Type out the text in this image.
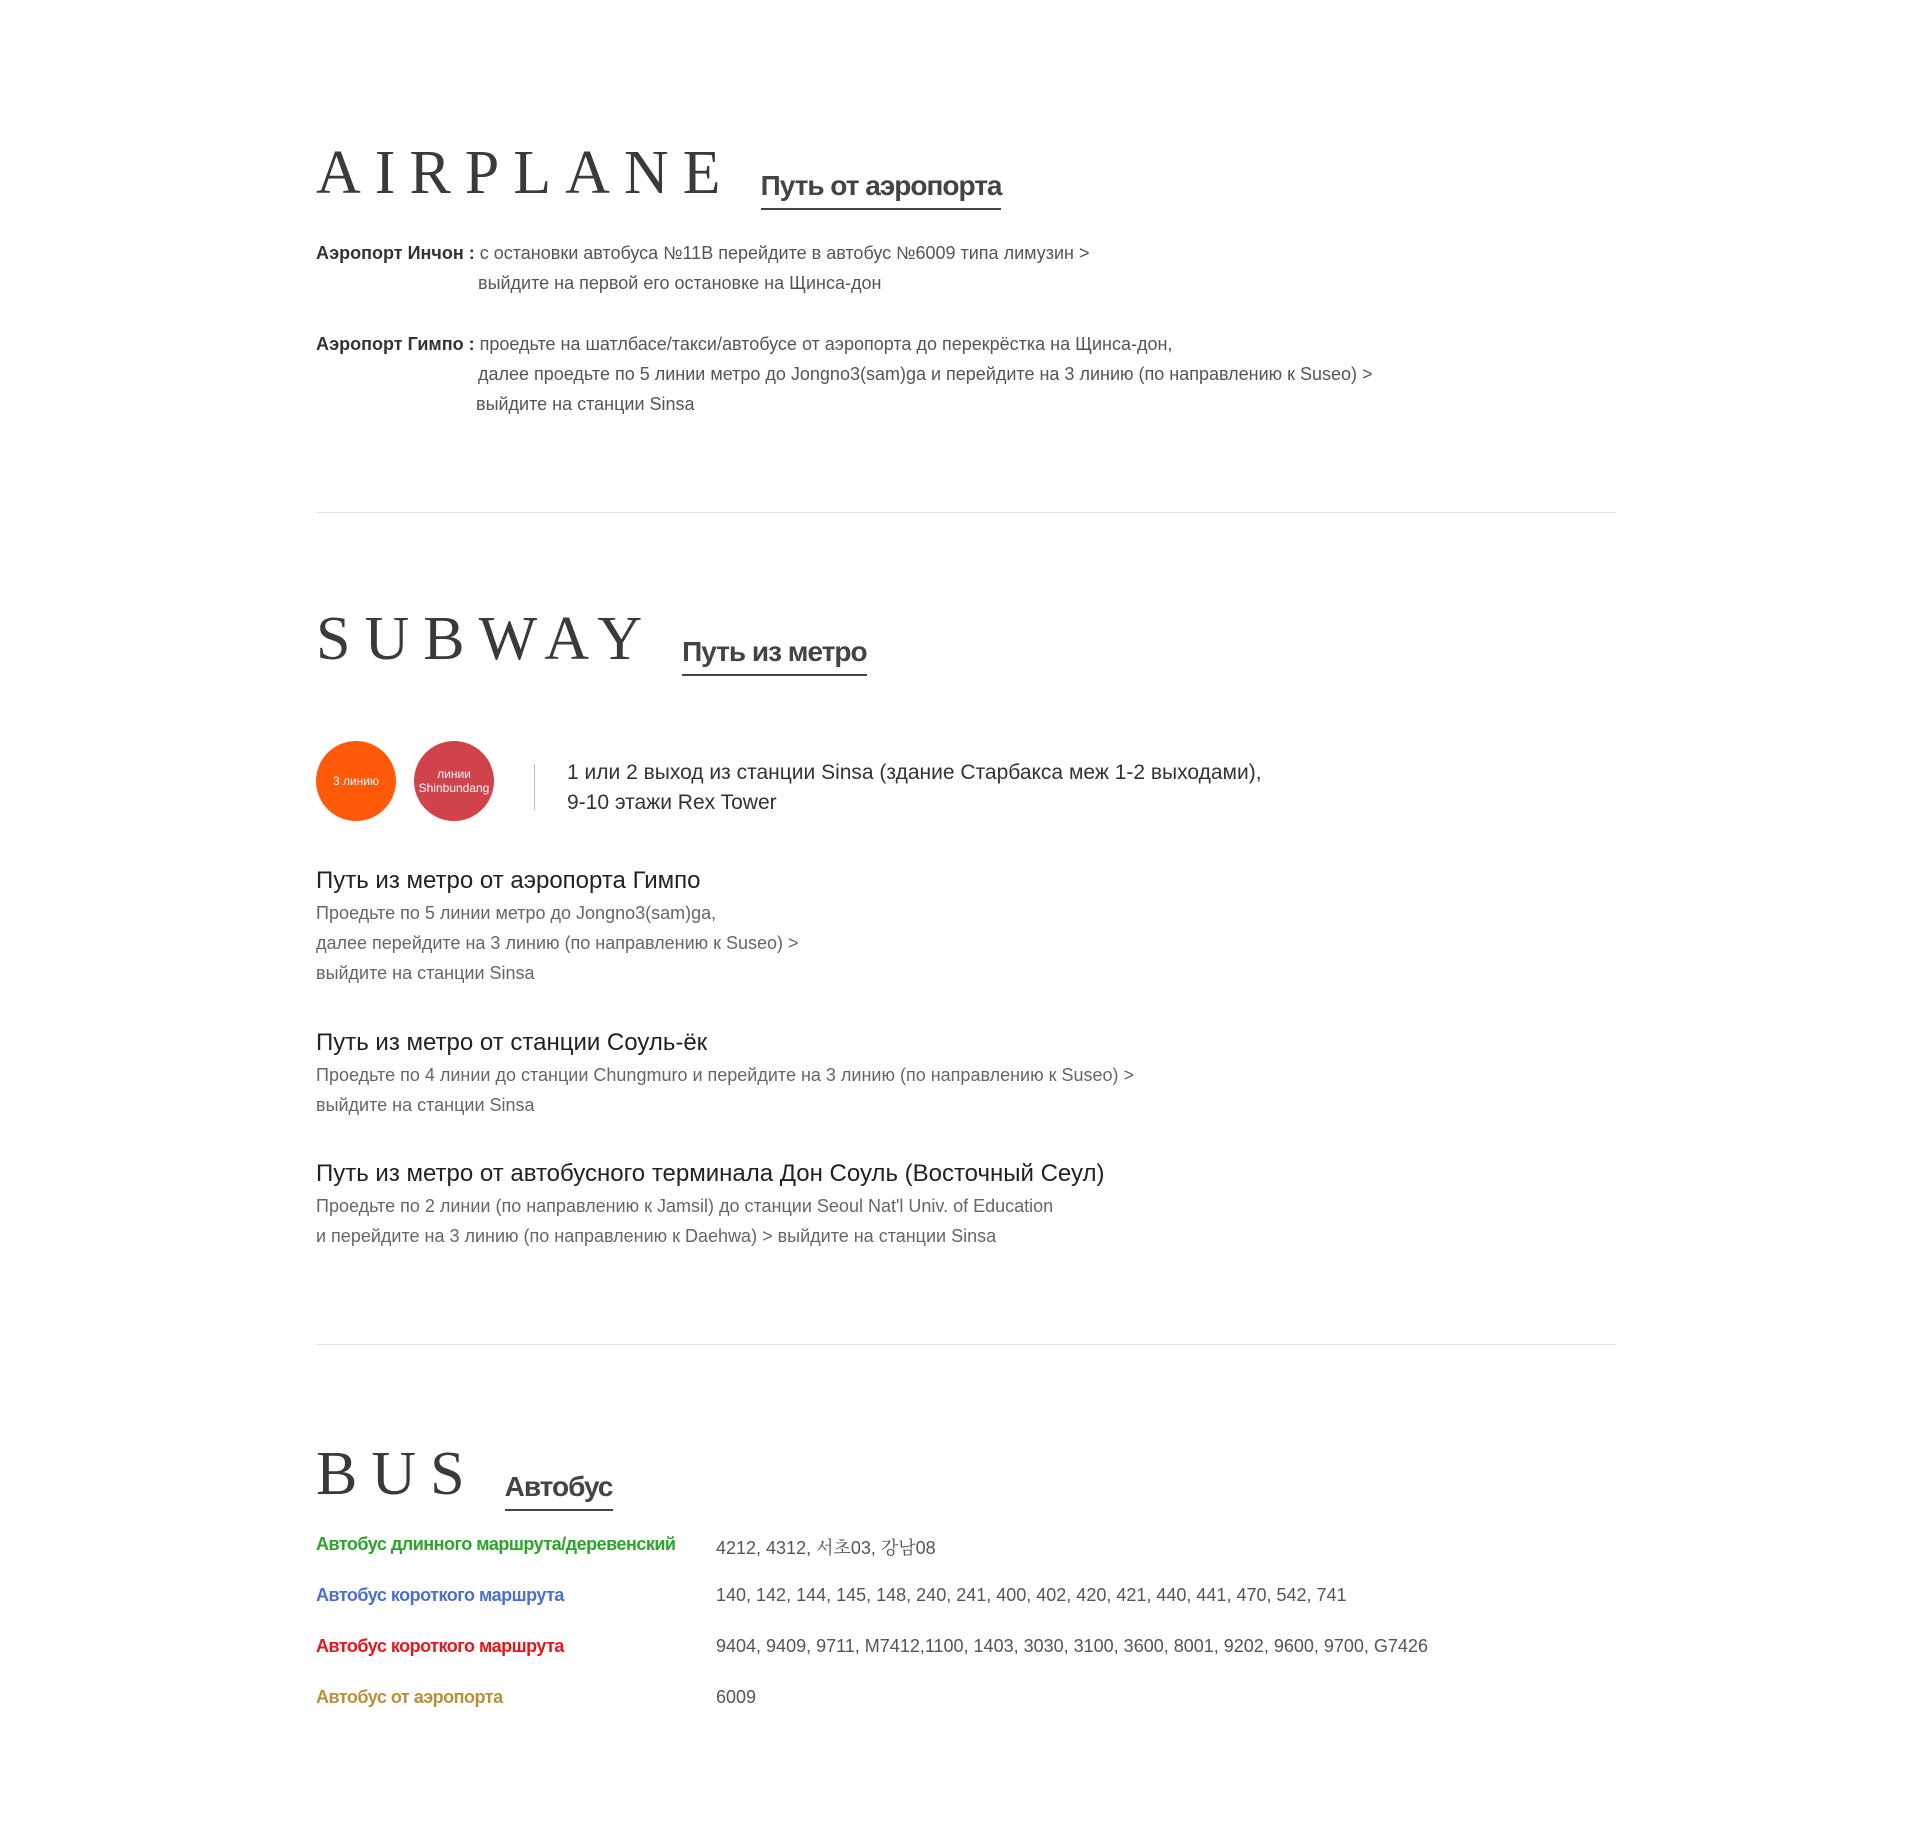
AIRPLANE Путь от аэропорта
Аэропорт Инчон : с остановки автобуса №11B перейдите в автобус №6009 типа лимузин >
выйдите на первой его остановке на Щинса-дон
Аэропорт Гимпо : проедьте на шатлбасе/такси/автобусе от аэропорта до перекрёстка на Щинса-дон,
далее проедьте по 5 линии метро до Jongno3(sam)ga и перейдите на 3 линию (по направлению к Suseo) >
выйдите на станции Sinsa
SUBWAY Путь из метро
3 линию	линии
Shinbundang
1 или 2 выход из станции Sinsa (здание Старбакса меж 1-2 выходами),
9-10 этажи Rex Tower
Путь из метро от аэропорта Гимпо
Проедьте по 5 линии метро до Jongno3(sam)ga,
далее перейдите на 3 линию (по направлению к Suseo) >
выйдите на станции Sinsa
Путь из метро от станции Соуль-ёк
Проедьте по 4 линии до станции Chungmuro и перейдите на 3 линию (по направлению к Suseo) >
выйдите на станции Sinsa
Путь из метро от автобусного терминала Дон Соуль (Восточный Сеул)
Проедьте по 2 линии (по направлению к Jamsil) до станции Seoul Nat'l Univ. of Education
и перейдите на 3 линию (по направлению к Daehwa) > выйдите на станции Sinsa
BUS Автобус
Автобус длинного маршрута/деревенский 4212, 4312, 서초03, 강남08
Автобус короткого маршрута	140, 142, 144, 145, 148, 240, 241, 400, 402, 420, 421, 440, 441, 470, 542, 741
Автобус короткого маршрута	9404, 9409, 9711, M7412,1100, 1403, 3030, 3100, 3600, 8001, 9202, 9600, 9700, G7426
Автобус от аэропорта	6009
